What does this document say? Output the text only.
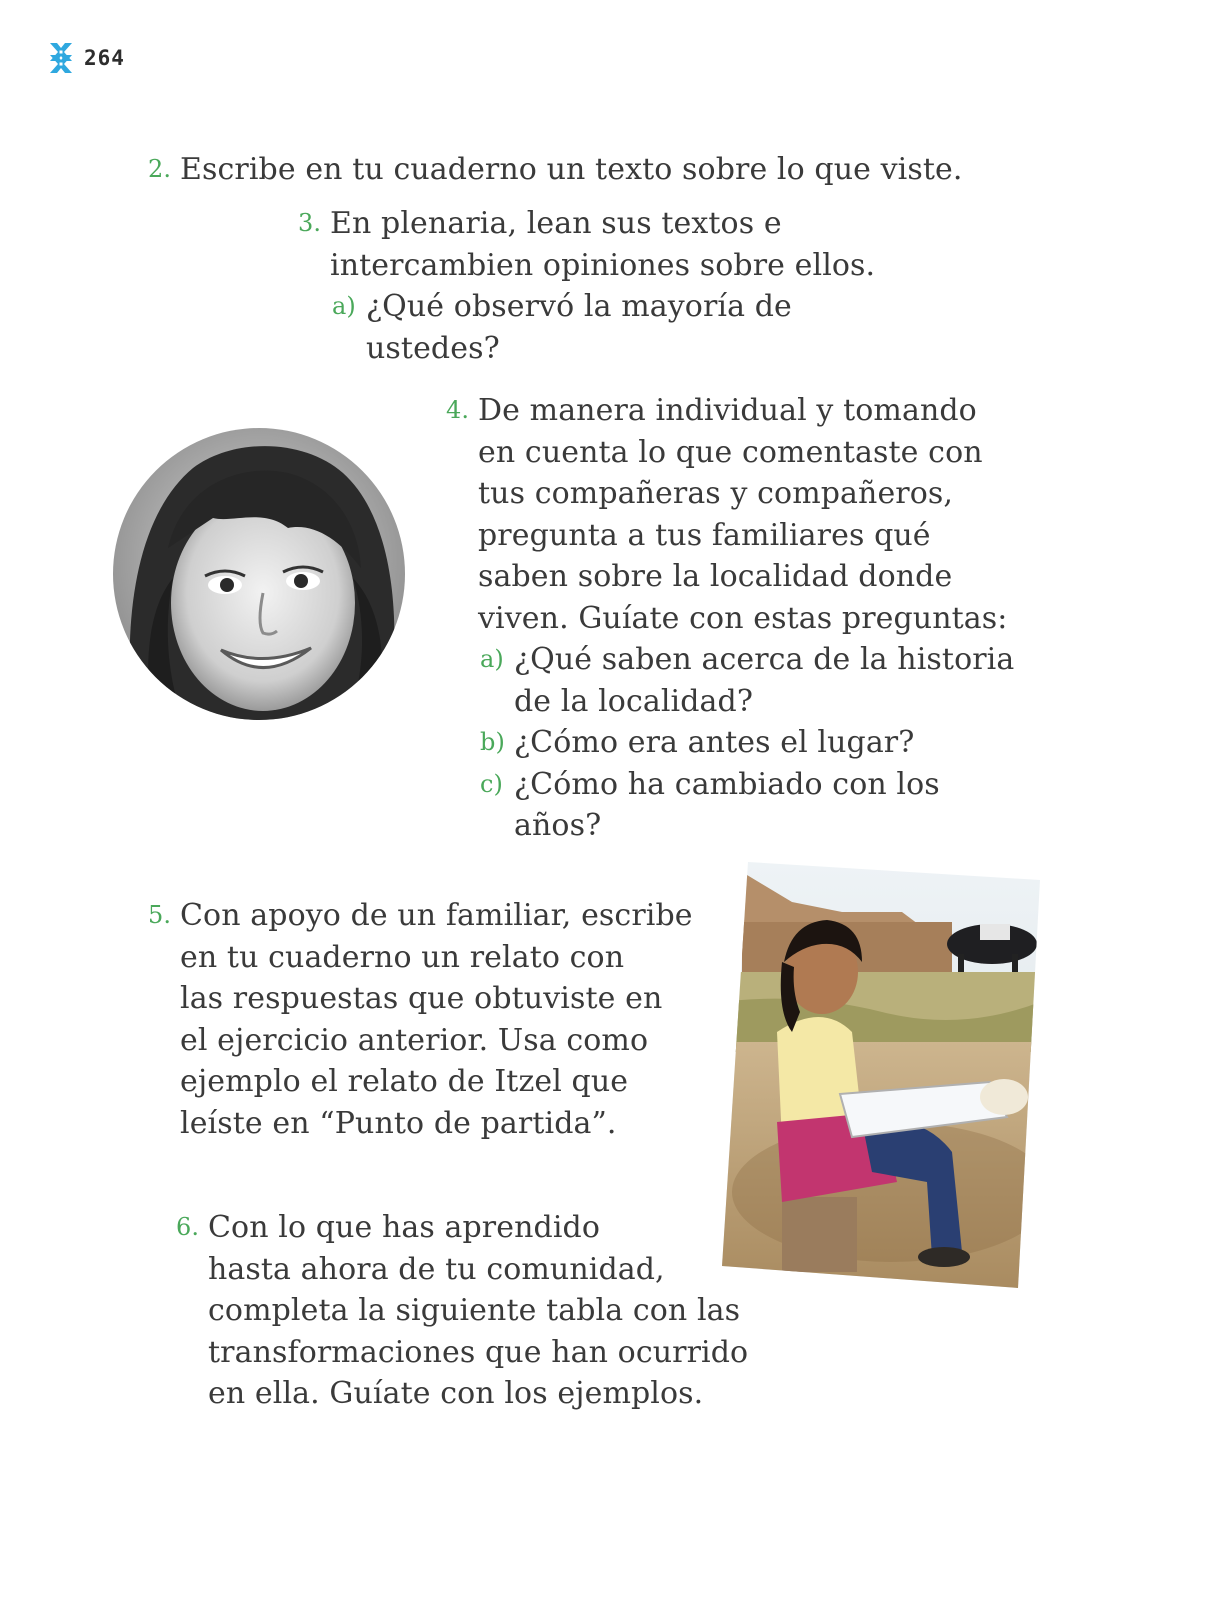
264
2. Escribe en tu cuaderno un texto sobre lo que viste.
3. En plenaria, lean sus textos e
intercambien opiniones sobre ellos.
a) ¿Qué observó la mayoría de
ustedes?
4. De manera individual y tomando
en cuenta lo que comentaste con
tus compañeras y compañeros,
pregunta a tus familiares qué
saben sobre la localidad donde
viven. Guíate con estas preguntas:
a) ¿Qué saben acerca de la historia
de la localidad?
b) ¿Cómo era antes el lugar?
c) ¿Cómo ha cambiado con los
años?
5. Con apoyo de un familiar, escribe
en tu cuaderno un relato con
las respuestas que obtuviste en
el ejercicio anterior. Usa como
ejemplo el relato de Itzel que
leíste en “Punto de partida”.
6. Con lo que has aprendido
hasta ahora de tu comunidad,
completa la siguiente tabla con las
transformaciones que han ocurrido
en ella. Guíate con los ejemplos.
